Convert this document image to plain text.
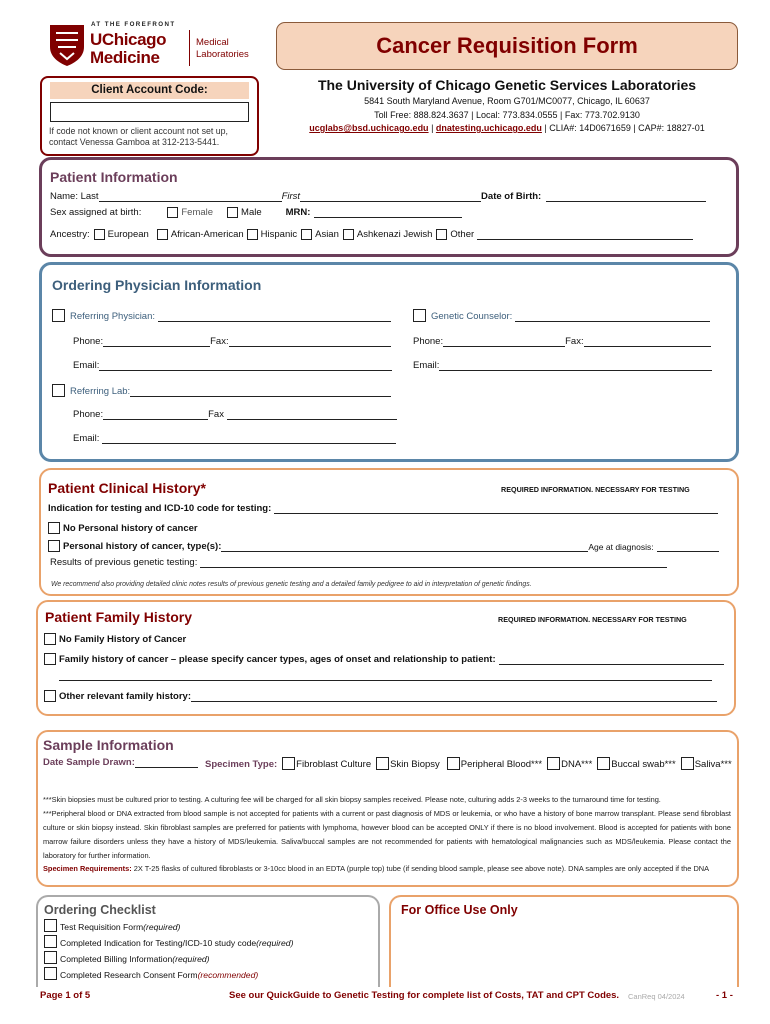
AT THE FOREFRONT
UChicago
Medicine
Medical
Laboratories	Cancer Requisition Form
The University of Chicago Genetic Services Laboratories
5841 South Maryland Avenue, Room G701/MC0077, Chicago, IL 60637
Toll Free: 888.824.3637 | Local: 773.834.0555 | Fax: 773.702.9130
ucglabs@bsd.uchicago.edu | dnatesting.uchicago.edu | CLIA#: 14D0671659 | CAP#: 18827-01
Client Account Code:
If code not known or client account not set up,
contact Venessa Gamboa at 312-213-5441.
Patient Information
Name: Last	First	Date of Birth:
Sex assigned at birth:	Female	Male	MRN:
Ancestry: European African-American Hispanic Asian Ashkenazi Jewish Other
Ordering Physician Information
Referring Physician:	Genetic Counselor:
Phone:	Fax:	Phone:	Fax:
Email:	Email:
Referring Lab:
Phone:	Fax
Email:
Patient Clinical History*	REQUIRED INFORMATION. NECESSARY FOR TESTING
Indication for testing and ICD-10 code for testing:
No Personal history of cancer
Personal history of cancer, type(s):	Age at diagnosis:
Results of previous genetic testing:
We recommend also providing detailed clinic notes results of previous genetic testing and a detailed family pedigree to aid in interpretation of genetic findings.
Patient Family History	REQUIRED INFORMATION. NECESSARY FOR TESTING
No Family History of Cancer
Family history of cancer – please specify cancer types, ages of onset and relationship to patient:
Other relevant family history:
Sample Information
Date Sample Drawn:	Specimen Type: Fibroblast Culture Skin Biopsy Peripheral Blood*** DNA*** Buccal swab*** Saliva***
***Skin biopsies must be cultured prior to testing. A culturing fee will be charged for all skin biopsy samples received. Please note, culturing adds 2-3 weeks to the turnaround time for testing.
***Peripheral blood or DNA extracted from blood sample is not accepted for patients with a current or past diagnosis of MDS or leukemia, or who have a history of bone marrow transplant. Please send fibroblast
culture or skin biopsy instead. Skin fibroblast samples are preferred for patients with lymphoma, however blood can be accepted ONLY if there is no blood involvement. Blood is accepted for patients with bone
marrow failure disorders unless they have a history of MDS/leukemia. Saliva/buccal samples are not recommended for patients with hematological malignancies such as MDS/leukemia. Please contact the
laboratory for further information.
Specimen Requirements: 2X T-25 flasks of cultured fibroblasts or 3-10cc blood in an EDTA (purple top) tube (if sending blood sample, please see above note). DNA samples are only accepted if the DNA
Ordering Checklist
Test Requisition Form (required)
Completed Indication for Testing/ICD-10 study code (required)
Completed Billing Information (required)
Completed Research Consent Form (recommended)
For Office Use Only
Page 1 of 5	See our QuickGuide to Genetic Testing for complete list of Costs, TAT and CPT Codes. CanReq 04/2024	- 1 -
